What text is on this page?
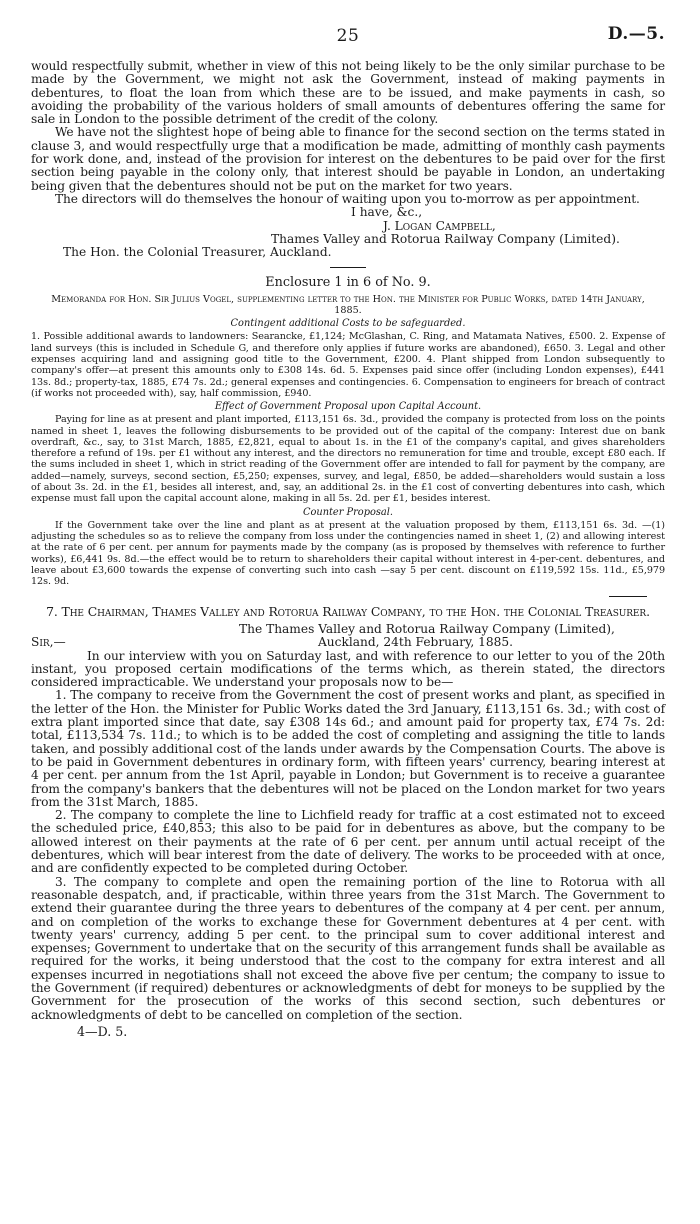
25	D.—5.

would respectfully submit, whether in view of this not being likely to be the only similar purchase to be made by the Government, we might not ask the Government, instead of making payments in debentures, to float the loan from which these are to be issued, and make payments in cash, so avoiding the probability of the various holders of small amounts of debentures offering the same for sale in London to the possible detriment of the credit of the colony.

We have not the slightest hope of being able to finance for the second section on the terms stated in clause 3, and would respectfully urge that a modification be made, admitting of monthly cash payments for work done, and, instead of the provision for interest on the debentures to be paid over for the first section being payable in the colony only, that interest should be payable in London, an undertaking being given that the debentures should not be put on the market for two years.

The directors will do themselves the honour of waiting upon you to-morrow as per appointment.

I have, &c.,

J. Logan Campbell,

Thames Valley and Rotorua Railway Company (Limited).

The Hon. the Colonial Treasurer, Auckland.

Enclosure 1 in 6 of No. 9.

Memoranda for Hon. Sir Julius Vogel, supplementing letter to the Hon. the Minister for Public Works, dated 14th January, 1885.

Contingent additional Costs to be safeguarded.

1. Possible additional awards to landowners: Searancke, £1,124; McGlashan, C. Ring, and Matamata Natives, £500. 2. Expense of land surveys (this is included in Schedule G, and therefore only applies if future works are abandoned), £650. 3. Legal and other expenses acquiring land and assigning good title to the Government, £200. 4. Plant shipped from London subsequently to company's offer—at present this amounts only to £308 14s. 6d. 5. Expenses paid since offer (including London expenses), £441 13s. 8d.; property-tax, 1885, £74 7s. 2d.; general expenses and contingencies. 6. Compensation to engineers for breach of contract (if works not proceeded with), say, half commission, £940.

Effect of Government Proposal upon Capital Account.

Paying for line as at present and plant imported, £113,151 6s. 3d., provided the company is protected from loss on the points named in sheet 1, leaves the following disbursements to be provided out of the capital of the company: Interest due on bank overdraft, &c., say, to 31st March, 1885, £2,821, equal to about 1s. in the £1 of the company's capital, and gives shareholders therefore a refund of 19s. per £1 without any interest, and the directors no remuneration for time and trouble, except £80 each. If the sums included in sheet 1, which in strict reading of the Government offer are intended to fall for payment by the company, are added—namely, surveys, second section, £5,250; expenses, survey, and legal, £850, be added—shareholders would sustain a loss of about 3s. 2d. in the £1, besides all interest, and, say, an additional 2s. in the £1 cost of converting debentures into cash, which expense must fall upon the capital account alone, making in all 5s. 2d. per £1, besides interest.

Counter Proposal.

If the Government take over the line and plant as at present at the valuation proposed by them, £113,151 6s. 3d. —(1) adjusting the schedules so as to relieve the company from loss under the contingencies named in sheet 1, (2) and allowing interest at the rate of 6 per cent. per annum for payments made by the company (as is proposed by themselves with reference to further works), £6,441 9s. 8d.—the effect would be to return to shareholders their capital without interest in 4-per-cent. debentures, and leave about £3,600 towards the expense of converting such into cash —say 5 per cent. discount on £119,592 15s. 11d., £5,979 12s. 9d.

7. The Chairman, Thames Valley and Rotorua Railway Company, to the Hon. the Colonial Treasurer.

The Thames Valley and Rotorua Railway Company (Limited),

Sir,—	Auckland, 24th February, 1885.

In our interview with you on Saturday last, and with reference to our letter to you of the 20th instant, you proposed certain modifications of the terms which, as therein stated, the directors considered impracticable. We understand your proposals now to be—

1. The company to receive from the Government the cost of present works and plant, as specified in the letter of the Hon. the Minister for Public Works dated the 3rd January, £113,151 6s. 3d.; with cost of extra plant imported since that date, say £308 14s 6d.; and amount paid for property tax, £74 7s. 2d: total, £113,534 7s. 11d.; to which is to be added the cost of completing and assigning the title to lands taken, and possibly additional cost of the lands under awards by the Compensation Courts. The above is to be paid in Government debentures in ordinary form, with fifteen years' currency, bearing interest at 4 per cent. per annum from the 1st April, payable in London; but Government is to receive a guarantee from the company's bankers that the debentures will not be placed on the London market for two years from the 31st March, 1885.

2. The company to complete the line to Lichfield ready for traffic at a cost estimated not to exceed the scheduled price, £40,853; this also to be paid for in debentures as above, but the company to be allowed interest on their payments at the rate of 6 per cent. per annum until actual receipt of the debentures, which will bear interest from the date of delivery. The works to be proceeded with at once, and are confidently expected to be completed during October.

3. The company to complete and open the remaining portion of the line to Rotorua with all reasonable despatch, and, if practicable, within three years from the 31st March. The Government to extend their guarantee during the three years to debentures of the company at 4 per cent. per annum, and on completion of the works to exchange these for Government debentures at 4 per cent. with twenty years' currency, adding 5 per cent. to the principal sum to cover additional interest and expenses; Government to undertake that on the security of this arrangement funds shall be available as required for the works, it being understood that the cost to the company for extra interest and all expenses incurred in negotiations shall not exceed the above five per centum; the company to issue to the Government (if required) debentures or acknowledgments of debt for moneys to be supplied by the Government for the prosecution of the works of this second section, such debentures or acknowledgments of debt to be cancelled on completion of the section.

4—D. 5.
